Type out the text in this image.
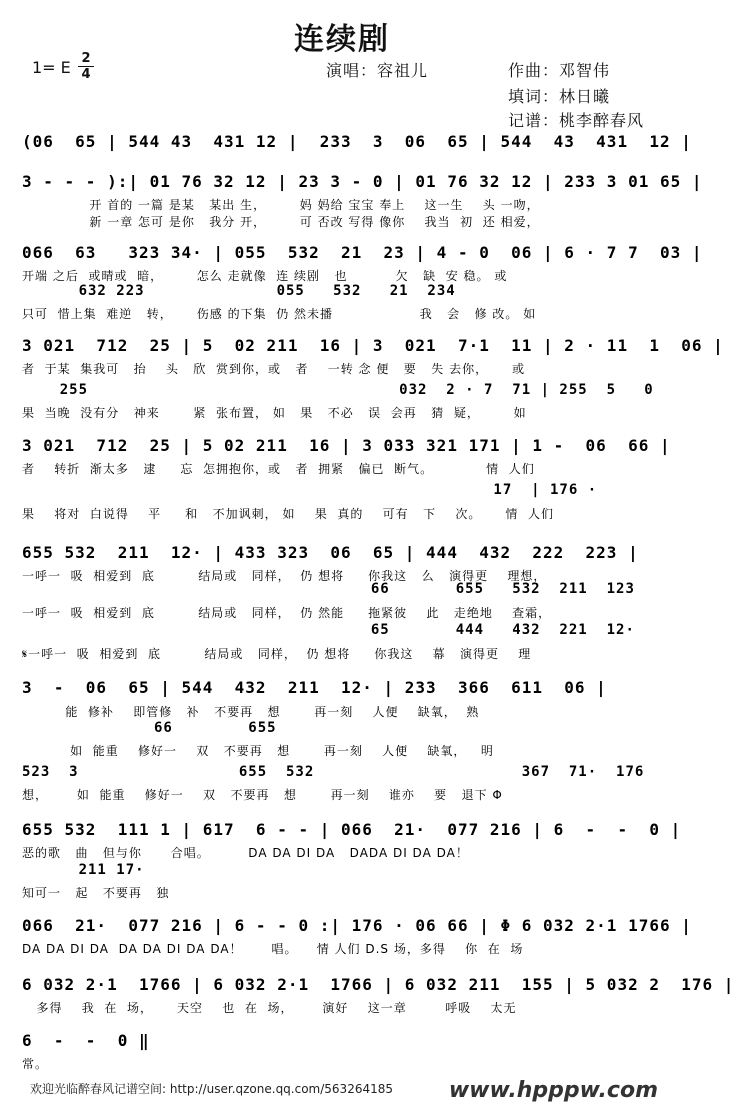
连续剧
1= E 2
4	演唱：容祖儿	作曲：邓智伟
填词：林日曦
记谱：桃李醉春风
(06  65 | 544 43  431 12 |  233  3  06  65 | 544  43  431  12 |
3 - - - ):| 01 76 32 12 | 23 3 - 0 | 01 76 32 12 | 233 3 01 65 |
开 首的 一篇 是某   某出 生，       妈 妈给 宝宝 奉上    这一生    头 一吻，
新 一章 怎可 是你   我分 开，       可 否改 写得 像你    我当  初  还 相爱，
066  63   323 34· | 055  532  21  23 | 4 - 0  06 | 6 · 7 7  03 |
开端 之后  或晴或  暗，       怎么 走就像  连 续剧   也          欠   缺  安 稳。 或
632 223              055   532   21  234
只可  惜上集  难逆   转，     伤感 的下集  仍 然未播                  我   会   修 改。 如
3 021  712  25 | 5  02 211  16 | 3  021  7·1  11 | 2 · 11  1  06 |
者  于某  集我可   抬    头   欣  赏到你，或   者    一转 念 便   要   失 去你，     或
255                                 032  2 · 7  71 | 255  5   0
果  当晚  没有分   神来       紧  张布置， 如   果   不必   误  会再   猜  疑，       如
3 021  712  25 | 5 02 211  16 | 3 033 321 171 | 1 -  06  66 |
者    转折  渐太多   逮     忘  怎拥抱你，或   者  拥紧   偏已  断气。           情  人们
17  | 176 ·
果    将对  白说得    平     和   不加讽刺， 如    果  真的    可有   下    次。     情  人们
655 532  211  12· | 433 323  06  65 | 444  432  222  223 |
一呼一  吸  相爱到  底         结局或   同样，  仍 想将     你我这   么   演得更    理想，
66       655   532  211  123
一呼一  吸  相爱到  底         结局或   同样，  仍 然能     拖紧彼    此   走绝地    查霜，
65       444   432  221  12·
𝄋一呼一  吸  相爱到  底         结局或   同样，  仍 想将     你我这    幕   演得更    理
3  -  06  65 | 544  432  211  12· | 233  366  611  06 |
能  修补    即管修   补   不要再   想       再一刻    人便    缺氧，  熟
66        655
如  能重    修好一    双   不要再   想       再一刻    人便    缺氧，   明
523  3                 655  532                      367  71·  176
想，      如  能重    修好一    双   不要再   想       再一刻    谁亦    要   退下 Φ
655 532  111 1 | 617  6 - - | 066  21·  077 216 | 6  -  -  0 |
恶的歌   曲   但与你      合唱。        DA DA DI DA   DADA DI DA DA！
211 17·
知可一   起   不要再   独
066  21·  077 216 | 6 - - 0 :| 176 · 06 66 | Φ 6 032 2·1 1766 |
DA DA DI DA  DA DA DI DA DA！      唱。    情 人们 D.S 场，多得    你  在  场
6 032 2·1  1766 | 6 032 2·1  1766 | 6 032 211  155 | 5 032 2  176 |
多得    我  在  场，     天空    也  在  场，      演好    这一章        呼吸    太无
6  -  -  0 ‖
常。
欢迎光临醉春风记谱空间: http://user.qzone.qq.com/563264185	www.hpppw.com
